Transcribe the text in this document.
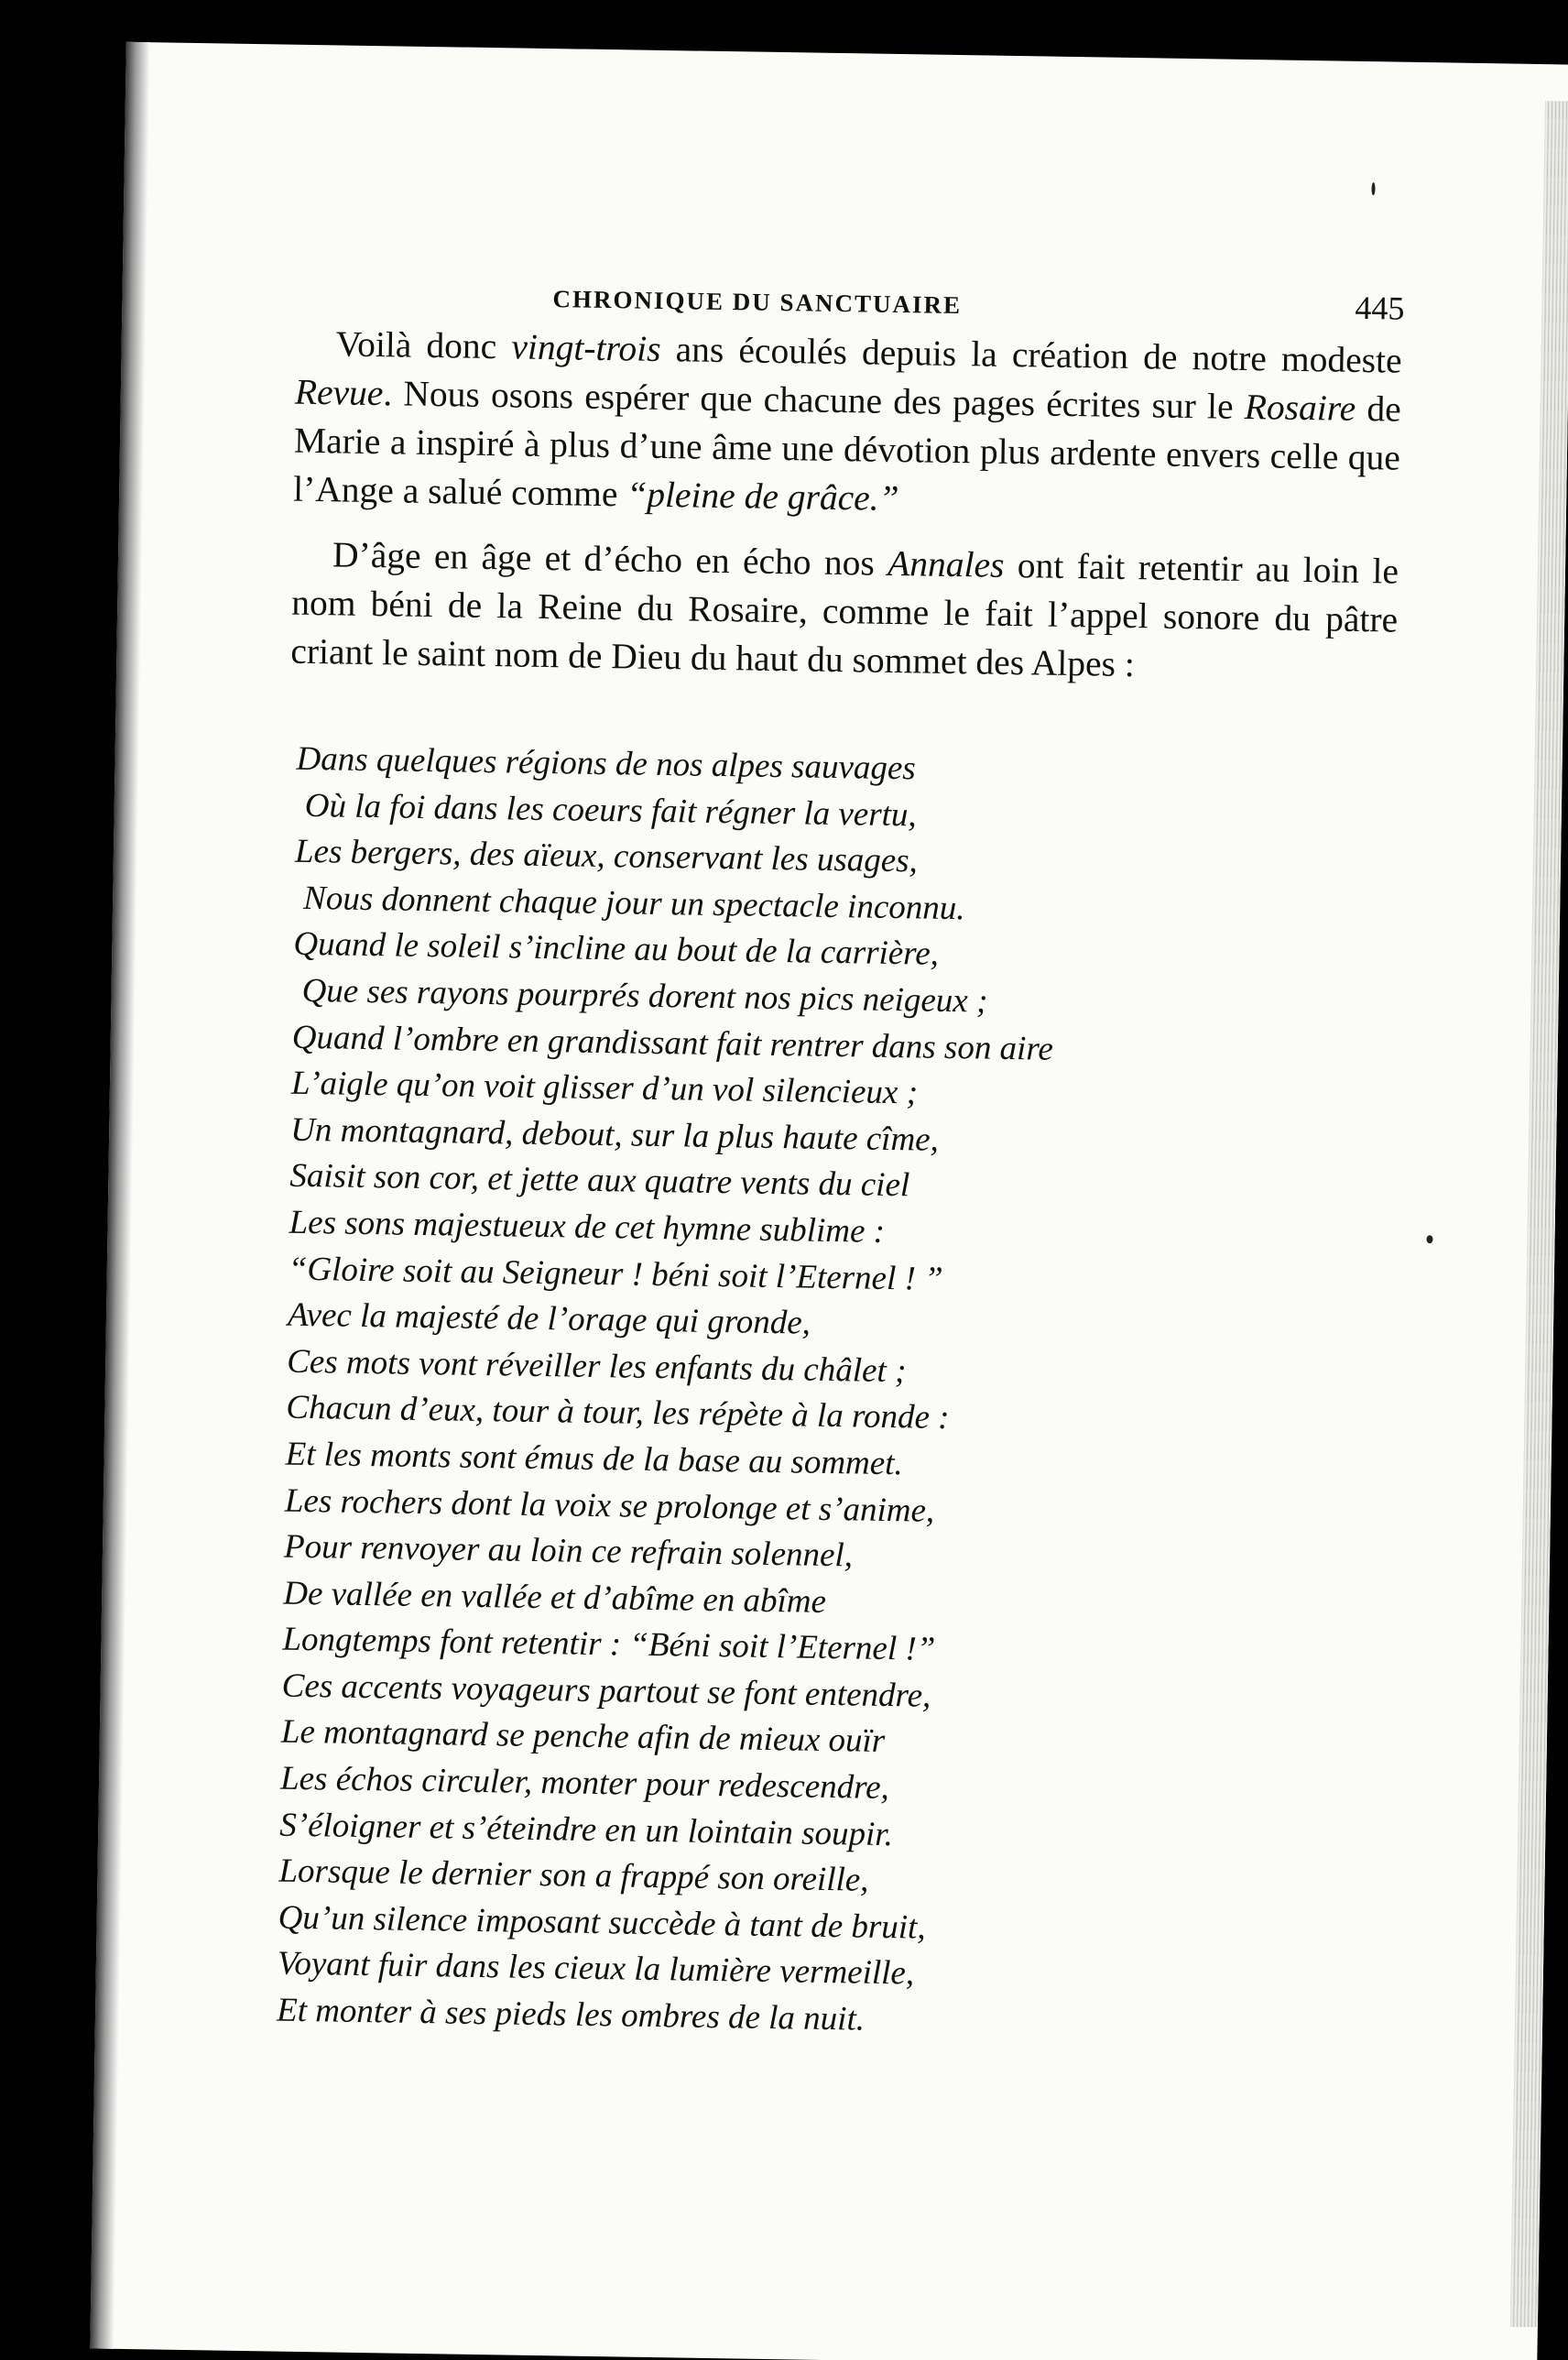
CHRONIQUE DU SANCTUAIRE	445

Voilà donc vingt-trois ans écoulés depuis la création de notre modeste Revue. Nous osons espérer que chacune des pages écrites sur le Rosaire de Marie a inspiré à plus d’une âme une dévotion plus ardente envers celle que l’Ange a salué comme “pleine de grâce.”

D’âge en âge et d’écho en écho nos Annales ont fait retentir au loin le nom béni de la Reine du Rosaire, comme le fait l’appel sonore du pâtre criant le saint nom de Dieu du haut du sommet des Alpes :

Dans quelques régions de nos alpes sauvages
Où la foi dans les coeurs fait régner la vertu,
Les bergers, des aïeux, conservant les usages,
Nous donnent chaque jour un spectacle inconnu.
Quand le soleil s’incline au bout de la carrière,
Que ses rayons pourprés dorent nos pics neigeux ;
Quand l’ombre en grandissant fait rentrer dans son aire
L’aigle qu’on voit glisser d’un vol silencieux ;
Un montagnard, debout, sur la plus haute cîme,
Saisit son cor, et jette aux quatre vents du ciel
Les sons majestueux de cet hymne sublime :
“Gloire soit au Seigneur ! béni soit l’Eternel ! ”
Avec la majesté de l’orage qui gronde,
Ces mots vont réveiller les enfants du châlet ;
Chacun d’eux, tour à tour, les répète à la ronde :
Et les monts sont émus de la base au sommet.
Les rochers dont la voix se prolonge et s’anime,
Pour renvoyer au loin ce refrain solennel,
De vallée en vallée et d’abîme en abîme
Longtemps font retentir : “Béni soit l’Eternel !”
Ces accents voyageurs partout se font entendre,
Le montagnard se penche afin de mieux ouïr
Les échos circuler, monter pour redescendre,
S’éloigner et s’éteindre en un lointain soupir.
Lorsque le dernier son a frappé son oreille,
Qu’un silence imposant succède à tant de bruit,
Voyant fuir dans les cieux la lumière vermeille,
Et monter à ses pieds les ombres de la nuit.
